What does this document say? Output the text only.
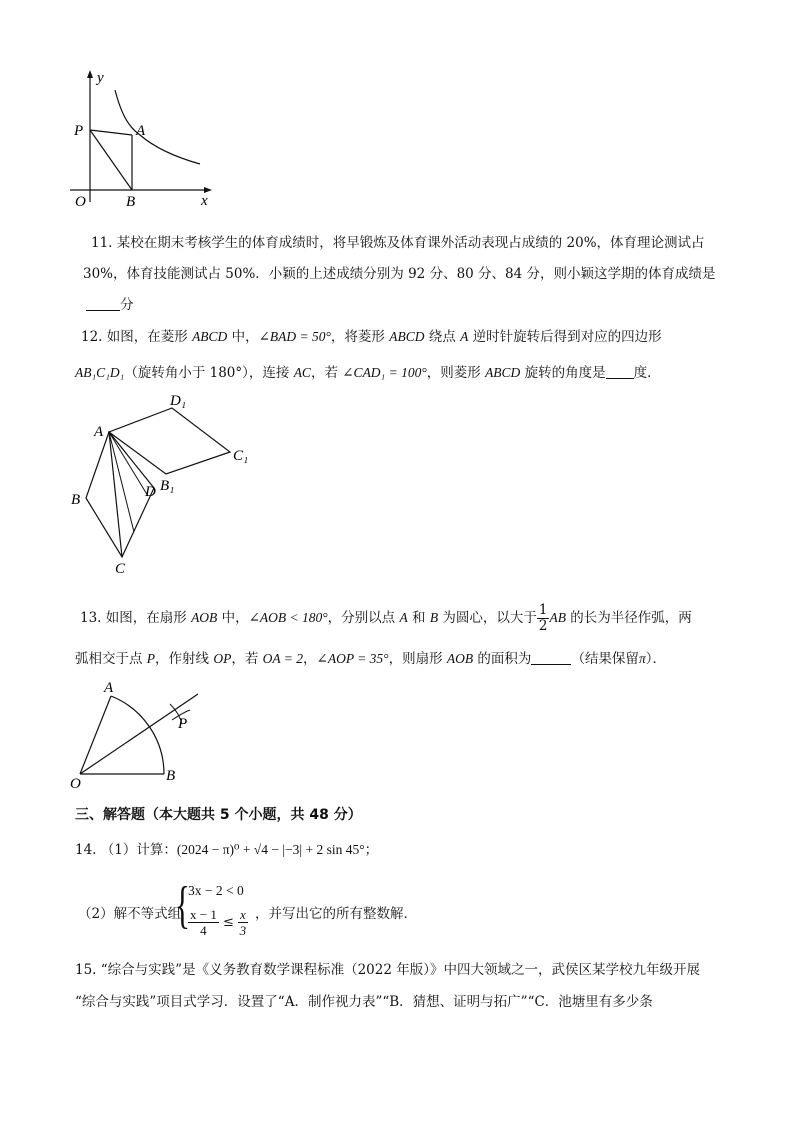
y
x
O
P	A
B
11. 某校在期末考核学生的体育成绩时，将早锻炼及体育课外活动表现占成绩的 20%，体育理论测试占
30%，体育技能测试占 50%．小颖的上述成绩分别为 92 分、80 分、84 分，则小颖这学期的体育成绩是
分
12. 如图，在菱形 ABCD 中，∠BAD = 50°，将菱形 ABCD 绕点 A 逆时针旋转后得到对应的四边形
AB₁C₁D₁（旋转角小于 180°），连接 AC，若 ∠CAD₁ = 100°，则菱形 ABCD 旋转的角度是 度．
A
B
C
D B₁
C₁
D₁
13. 如图，在扇形 AOB 中，∠AOB < 180°，分别以点 A 和 B 为圆心，以大于 $\frac{1}{2}$ AB 的长为半径作弧，两
弧相交于点 P，作射线 OP，若 OA = 2，∠AOP = 35°，则扇形 AOB 的面积为	（结果保留π）．
A
O	B
P
三、解答题（本大题共 5 个小题，共 48 分）
14. （1）计算：(2024 − π)⁰ + √4 − |−3| + 2 sin 45°；
（2）解不等式组
{
3x − 2 < 0
$\frac{x - 1}{4} \le \frac{x}{3}$ ，并写出它的所有整数解．
15. “综合与实践”是《义务教育数学课程标准（2022 年版）》中四大领域之一，武侯区某学校九年级开展
“综合与实践”项目式学习．设置了“A．制作视力表”“B．猜想、证明与拓广”“C．池塘里有多少条
